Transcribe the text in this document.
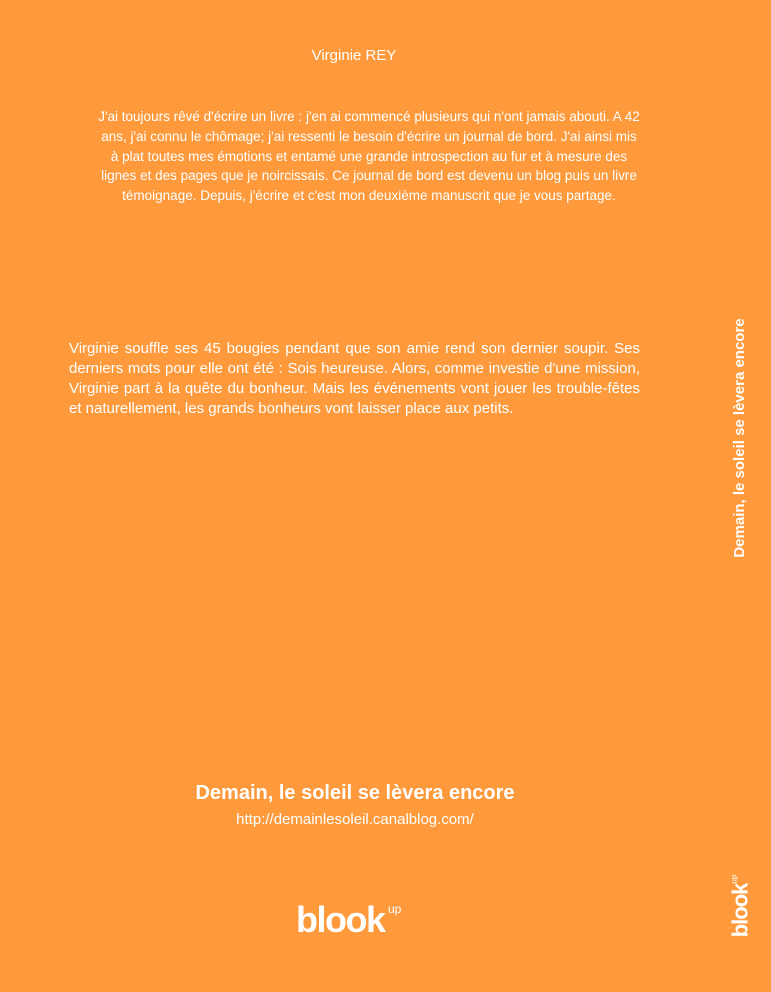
Virginie REY
J'ai toujours rêvé d'écrire un livre : j'en ai commencé plusieurs qui n'ont jamais abouti. A 42 ans, j'ai connu le chômage; j'ai ressenti le besoin d'écrire un journal de bord. J'ai ainsi mis à plat toutes mes émotions et entamé une grande introspection au fur et à mesure des lignes et des pages que je noircissais. Ce journal de bord est devenu un blog puis un livre témoignage. Depuis, j'écrire et c'est mon deuxième manuscrit que je vous partage.
Virginie souffle ses 45 bougies pendant que son amie rend son dernier soupir. Ses derniers mots pour elle ont été : Sois heureuse. Alors, comme investie d'une mission, Virginie part à la quête du bonheur. Mais les événements vont jouer les trouble-fêtes et naturellement, les grands bonheurs vont laisser place aux petits.
Demain, le soleil se lèvera encore
http://demainlesoleil.canalblog.com/
blook up
Demain, le soleil se lèvera encore
blook$^{up}$
